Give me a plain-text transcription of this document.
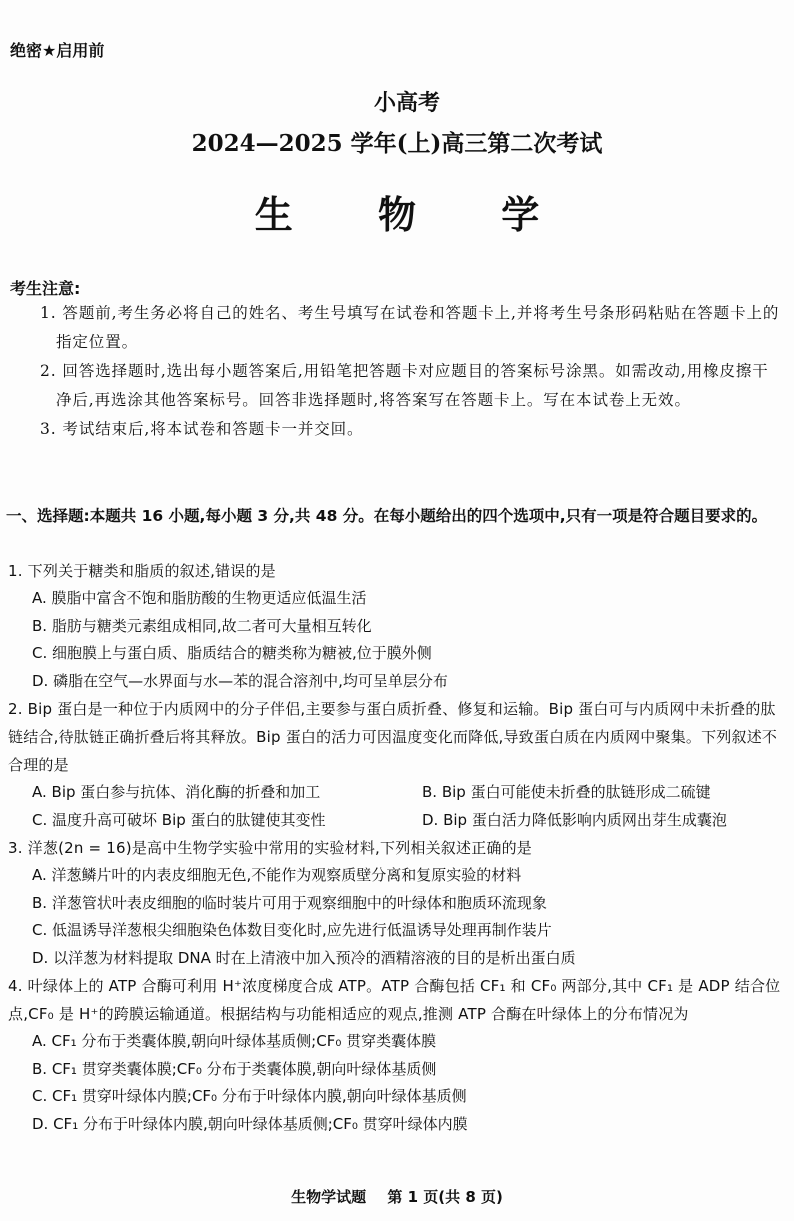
绝密★启用前
小高考
2024—2025 学年(上)高三第二次考试
生 物 学
考生注意:
1. 答题前,考生务必将自己的姓名、考生号填写在试卷和答题卡上,并将考生号条形码粘贴在答题卡上的指定位置。
2. 回答选择题时,选出每小题答案后,用铅笔把答题卡对应题目的答案标号涂黑。如需改动,用橡皮擦干净后,再选涂其他答案标号。回答非选择题时,将答案写在答题卡上。写在本试卷上无效。
3. 考试结束后,将本试卷和答题卡一并交回。
一、选择题:本题共 16 小题,每小题 3 分,共 48 分。在每小题给出的四个选项中,只有一项是符合题目要求的。
1. 下列关于糖类和脂质的叙述,错误的是
A. 膜脂中富含不饱和脂肪酸的生物更适应低温生活
B. 脂肪与糖类元素组成相同,故二者可大量相互转化
C. 细胞膜上与蛋白质、脂质结合的糖类称为糖被,位于膜外侧
D. 磷脂在空气—水界面与水—苯的混合溶剂中,均可呈单层分布
2. Bip 蛋白是一种位于内质网中的分子伴侣,主要参与蛋白质折叠、修复和运输。Bip 蛋白可与内质网中未折叠的肽链结合,待肽链正确折叠后将其释放。Bip 蛋白的活力可因温度变化而降低,导致蛋白质在内质网中聚集。下列叙述不合理的是
A. Bip 蛋白参与抗体、消化酶的折叠和加工	B. Bip 蛋白可能使未折叠的肽链形成二硫键
C. 温度升高可破坏 Bip 蛋白的肽键使其变性	D. Bip 蛋白活力降低影响内质网出芽生成囊泡
3. 洋葱(2n = 16)是高中生物学实验中常用的实验材料,下列相关叙述正确的是
A. 洋葱鳞片叶的内表皮细胞无色,不能作为观察质壁分离和复原实验的材料
B. 洋葱管状叶表皮细胞的临时装片可用于观察细胞中的叶绿体和胞质环流现象
C. 低温诱导洋葱根尖细胞染色体数目变化时,应先进行低温诱导处理再制作装片
D. 以洋葱为材料提取 DNA 时在上清液中加入预冷的酒精溶液的目的是析出蛋白质
4. 叶绿体上的 ATP 合酶可利用 H⁺浓度梯度合成 ATP。ATP 合酶包括 CF₁ 和 CF₀ 两部分,其中 CF₁ 是 ADP 结合位点,CF₀ 是 H⁺的跨膜运输通道。根据结构与功能相适应的观点,推测 ATP 合酶在叶绿体上的分布情况为
A. CF₁ 分布于类囊体膜,朝向叶绿体基质侧;CF₀ 贯穿类囊体膜
B. CF₁ 贯穿类囊体膜;CF₀ 分布于类囊体膜,朝向叶绿体基质侧
C. CF₁ 贯穿叶绿体内膜;CF₀ 分布于叶绿体内膜,朝向叶绿体基质侧
D. CF₁ 分布于叶绿体内膜,朝向叶绿体基质侧;CF₀ 贯穿叶绿体内膜
生物学试题 第 1 页(共 8 页)
